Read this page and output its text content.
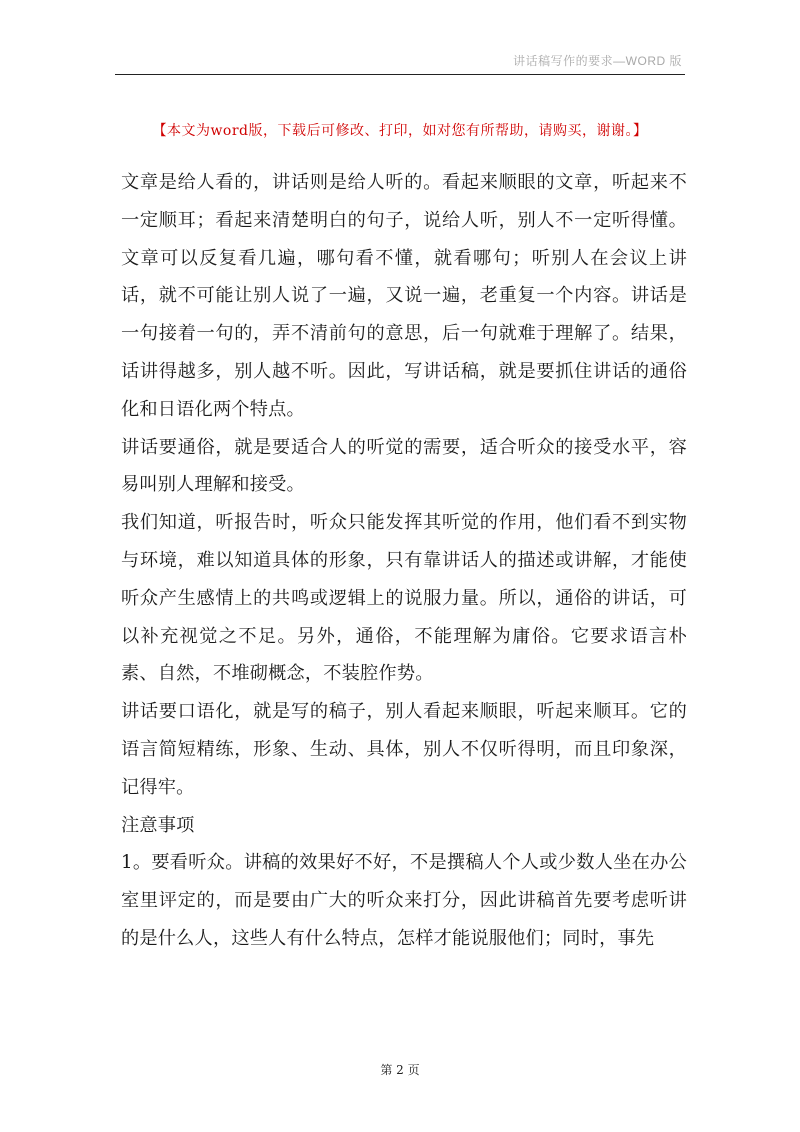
讲话稿写作的要求—WORD 版
【本文为word版，下载后可修改、打印，如对您有所帮助，请购买，谢谢。】

文章是给人看的，讲话则是给人听的。看起来顺眼的文章，听起来不一定顺耳；看起来清楚明白的句子，说给人听，别人不一定听得懂。文章可以反复看几遍，哪句看不懂，就看哪句；听别人在会议上讲话，就不可能让别人说了一遍，又说一遍，老重复一个内容。讲话是一句接着一句的，弄不清前句的意思，后一句就难于理解了。结果，话讲得越多，别人越不听。因此，写讲话稿，就是要抓住讲话的通俗化和日语化两个特点。

讲话要通俗，就是要适合人的听觉的需要，适合听众的接受水平，容易叫别人理解和接受。

我们知道，听报告时，听众只能发挥其听觉的作用，他们看不到实物与环境，难以知道具体的形象，只有靠讲话人的描述或讲解，才能使听众产生感情上的共鸣或逻辑上的说服力量。所以，通俗的讲话，可以补充视觉之不足。另外，通俗，不能理解为庸俗。它要求语言朴素、自然，不堆砌概念，不装腔作势。

讲话要口语化，就是写的稿子，别人看起来顺眼，听起来顺耳。它的语言简短精练，形象、生动、具体，别人不仅听得明，而且印象深，记得牢。

注意事项

1。要看听众。讲稿的效果好不好，不是撰稿人个人或少数人坐在办公室里评定的，而是要由广大的听众来打分，因此讲稿首先要考虑听讲的是什么人，这些人有什么特点，怎样才能说服他们；同时，事先

第 2 页
